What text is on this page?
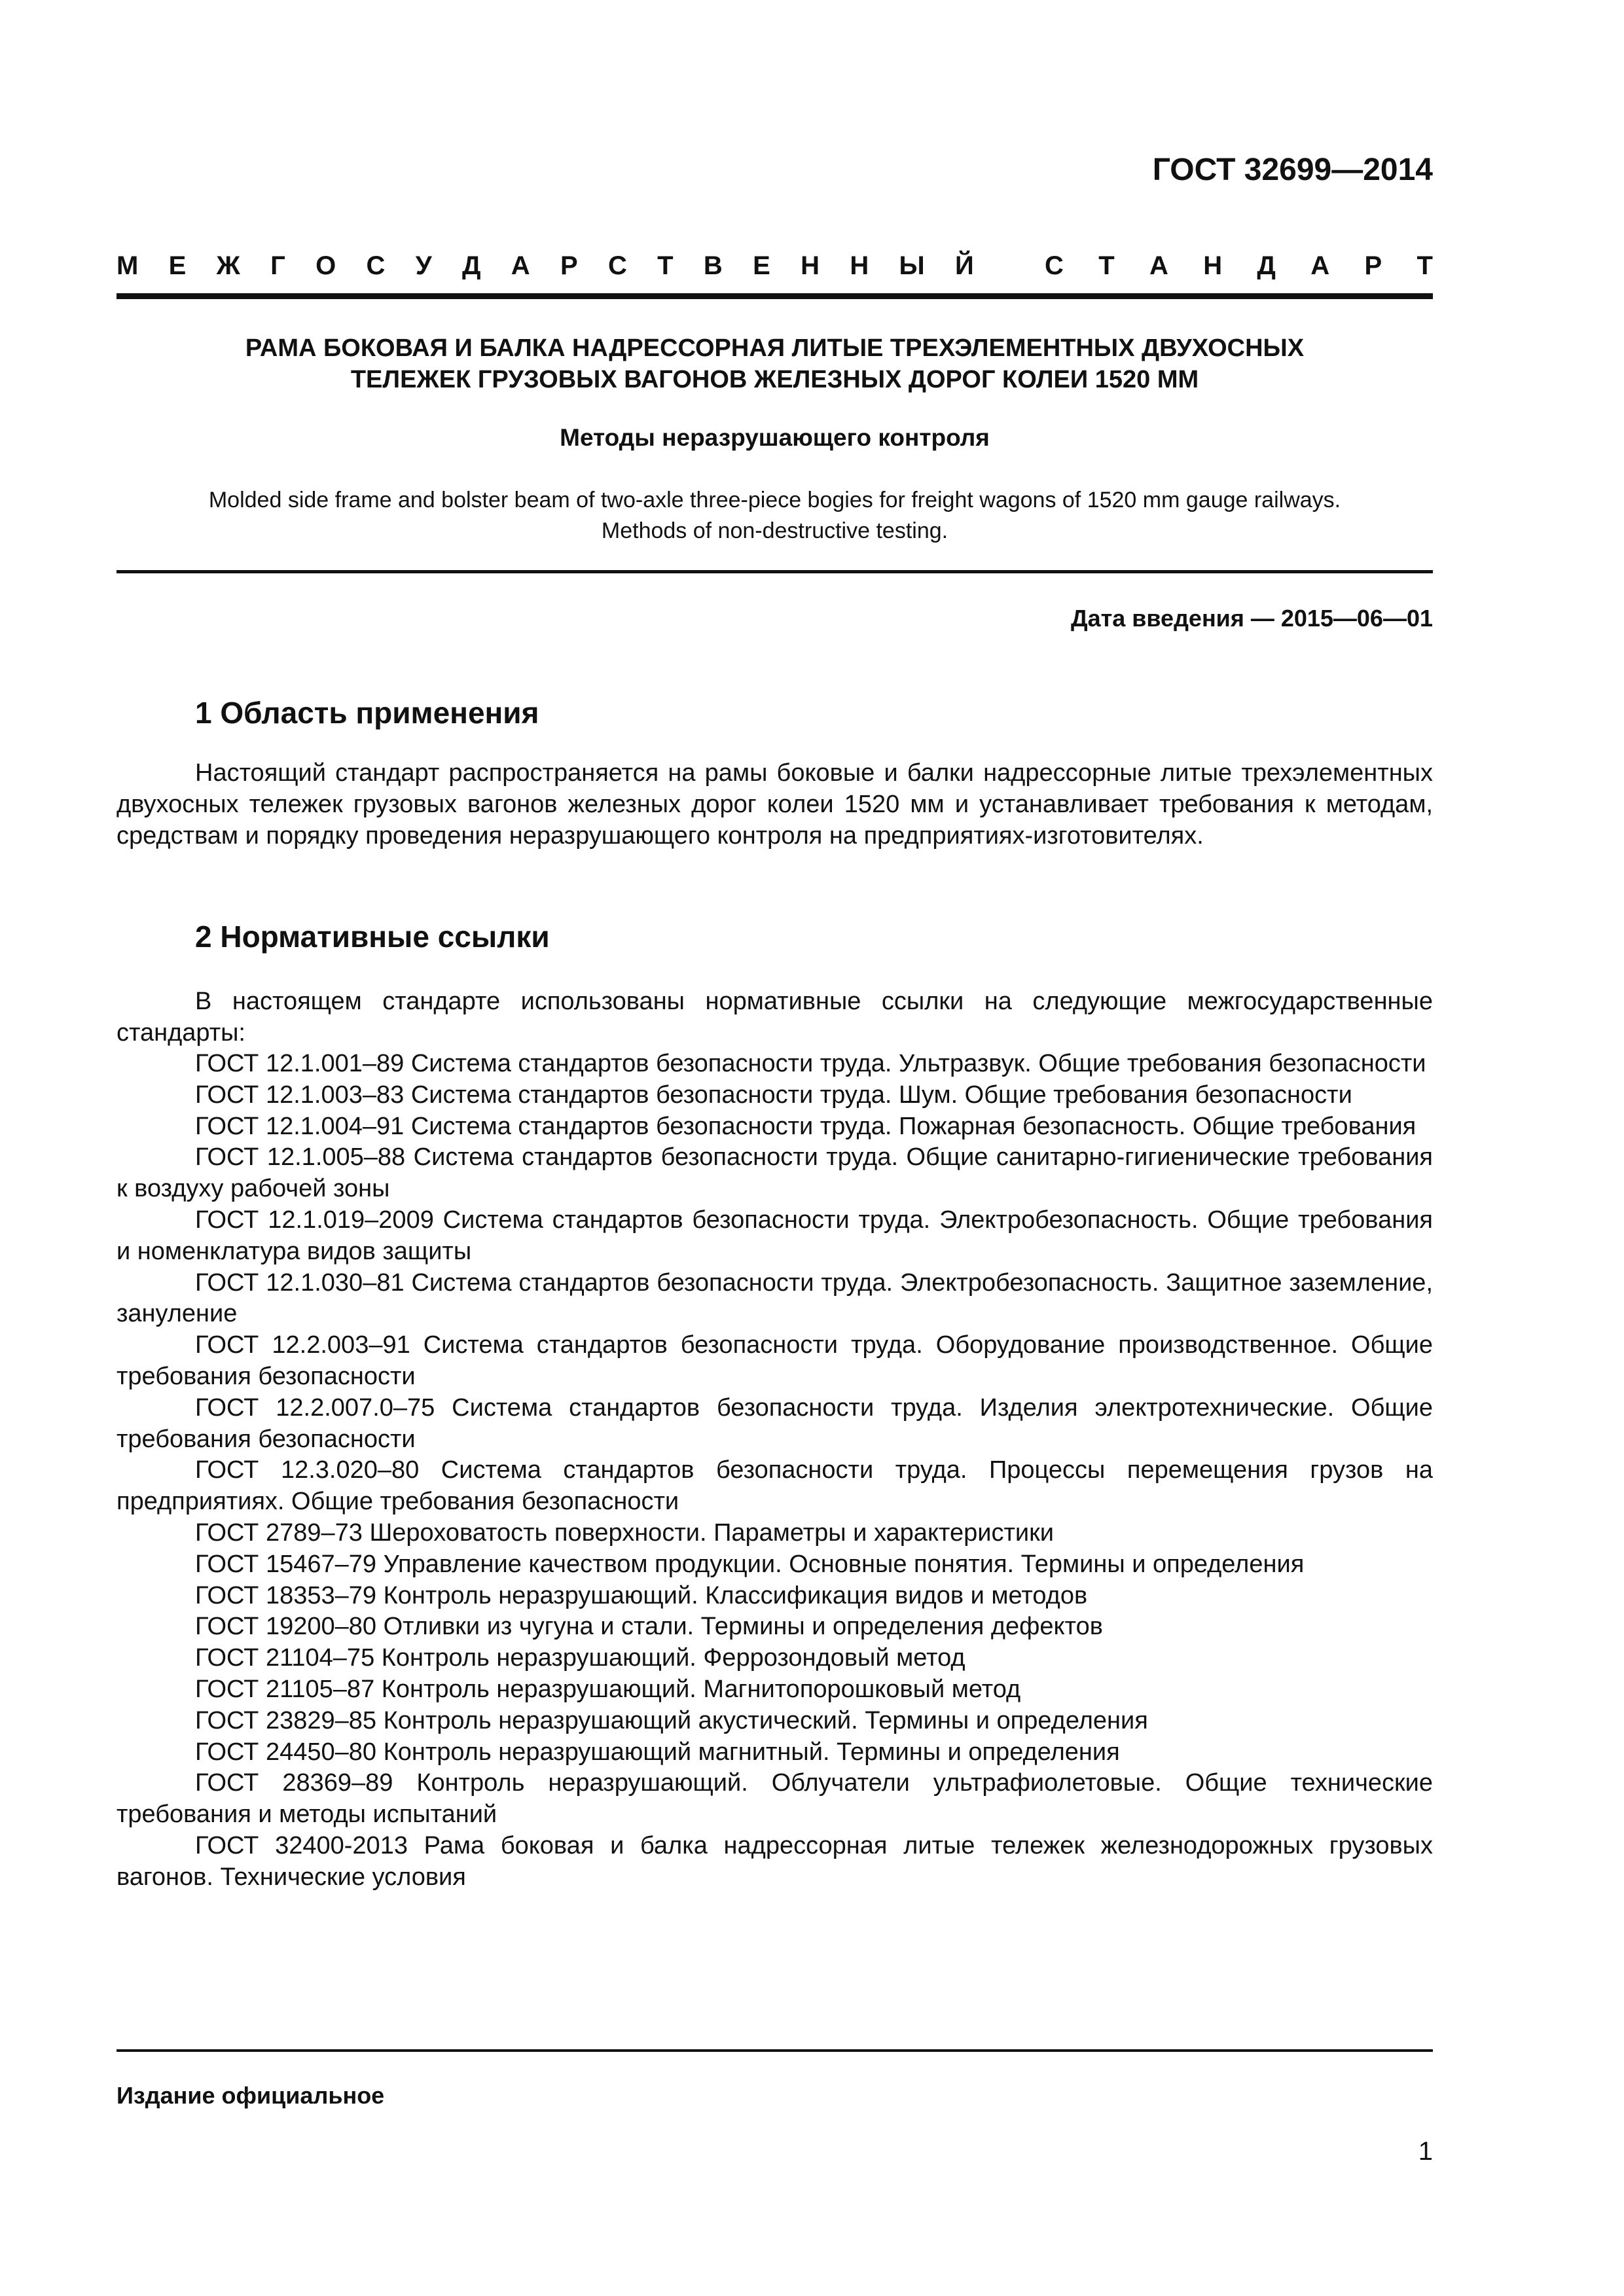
ГОСТ 32699—2014
М Е Ж Г О С У Д А Р С Т В Е Н Н Ы Й	С Т А Н Д А Р Т
РАМА БОКОВАЯ И БАЛКА НАДРЕССОРНАЯ ЛИТЫЕ ТРЕХЭЛЕМЕНТНЫХ ДВУХОСНЫХ
ТЕЛЕЖЕК ГРУЗОВЫХ ВАГОНОВ ЖЕЛЕЗНЫХ ДОРОГ КОЛЕИ 1520 ММ
Методы неразрушающего контроля
Molded side frame and bolster beam of two-axle three-piece bogies for freight wagons of 1520 mm gauge railways.
Methods of non-destructive testing.
Дата введения — 2015—06—01
1 Область применения
Настоящий стандарт распространяется на рамы боковые и балки надрессорные литые трехэлементных двухосных тележек грузовых вагонов железных дорог колеи 1520 мм и устанавливает требования к методам, средствам и порядку проведения неразрушающего контроля на предприятиях-изготовителях.
2 Нормативные ссылки
В настоящем стандарте использованы нормативные ссылки на следующие межгосударственные стандарты:
ГОСТ 12.1.001–89 Система стандартов безопасности труда. Ультразвук. Общие требования безопасности
ГОСТ 12.1.003–83 Система стандартов безопасности труда. Шум. Общие требования безопасности
ГОСТ 12.1.004–91 Система стандартов безопасности труда. Пожарная безопасность. Общие требования
ГОСТ 12.1.005–88 Система стандартов безопасности труда. Общие санитарно-гигиенические требования к воздуху рабочей зоны
ГОСТ 12.1.019–2009 Система стандартов безопасности труда. Электробезопасность. Общие требования и номенклатура видов защиты
ГОСТ 12.1.030–81 Система стандартов безопасности труда. Электробезопасность. Защитное заземление, зануление
ГОСТ 12.2.003–91 Система стандартов безопасности труда. Оборудование производственное. Общие требования безопасности
ГОСТ 12.2.007.0–75 Система стандартов безопасности труда. Изделия электротехнические. Общие требования безопасности
ГОСТ 12.3.020–80 Система стандартов безопасности труда. Процессы перемещения грузов на предприятиях. Общие требования безопасности
ГОСТ 2789–73 Шероховатость поверхности. Параметры и характеристики
ГОСТ 15467–79 Управление качеством продукции. Основные понятия. Термины и определения
ГОСТ 18353–79 Контроль неразрушающий. Классификация видов и методов
ГОСТ 19200–80 Отливки из чугуна и стали. Термины и определения дефектов
ГОСТ 21104–75 Контроль неразрушающий. Феррозондовый метод
ГОСТ 21105–87 Контроль неразрушающий. Магнитопорошковый метод
ГОСТ 23829–85 Контроль неразрушающий акустический. Термины и определения
ГОСТ 24450–80 Контроль неразрушающий магнитный. Термины и определения
ГОСТ 28369–89 Контроль неразрушающий. Облучатели ультрафиолетовые. Общие технические требования и методы испытаний
ГОСТ 32400-2013 Рама боковая и балка надрессорная литые тележек железнодорожных грузовых вагонов. Технические условия
Издание официальное
1
